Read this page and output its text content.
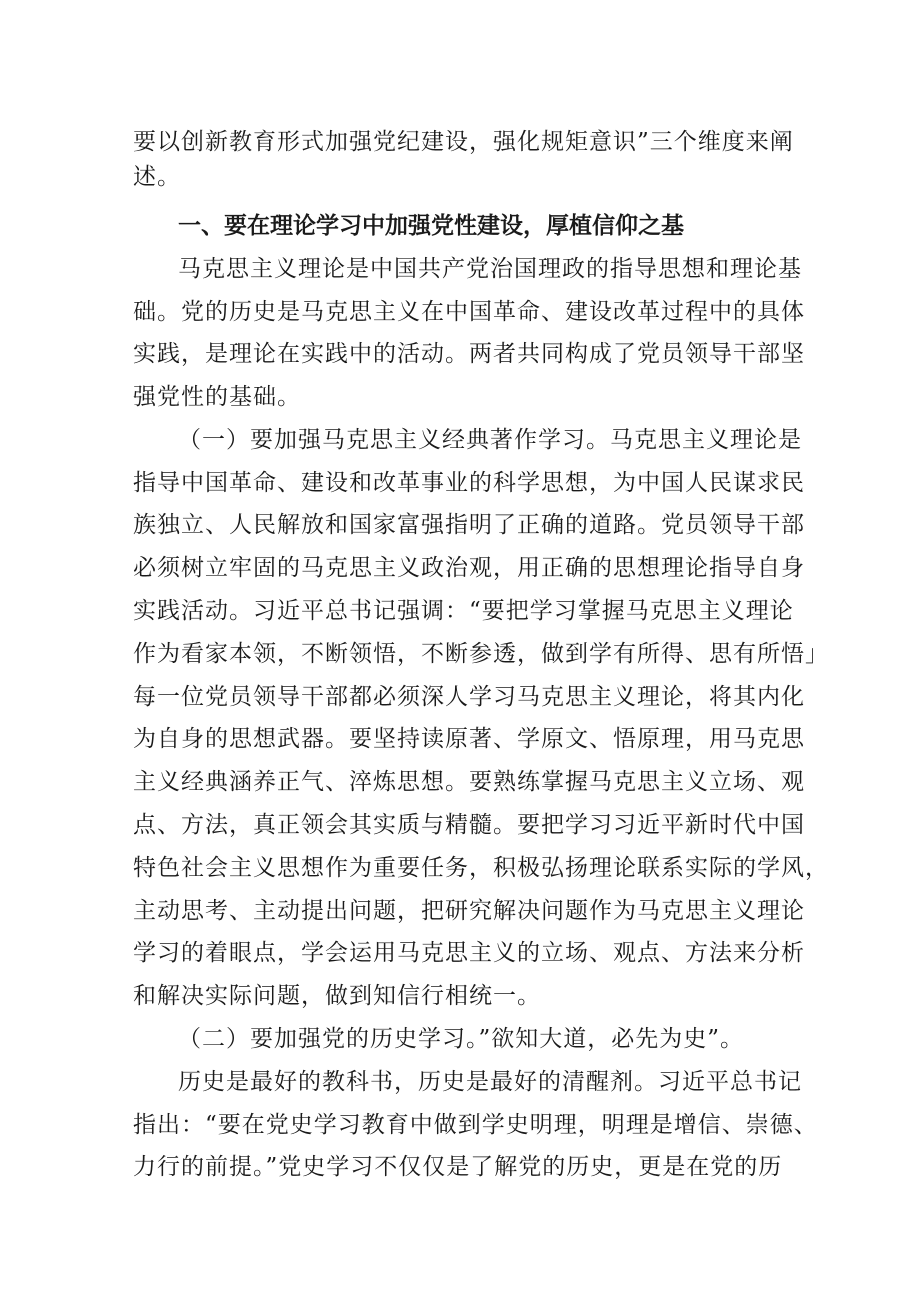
要以创新教育形式加强党纪建设，强化规矩意识”三个维度来阐
述。
一、要在理论学习中加强党性建设，厚植信仰之基
马克思主义理论是中国共产党治国理政的指导思想和理论基
础。党的历史是马克思主义在中国革命、建设改革过程中的具体
实践，是理论在实践中的活动。两者共同构成了党员领导干部坚
强党性的基础。
（一）要加强马克思主义经典著作学习。马克思主义理论是
指导中国革命、建设和改革事业的科学思想，为中国人民谋求民
族独立、人民解放和国家富强指明了正确的道路。党员领导干部
必须树立牢固的马克思主义政治观，用正确的思想理论指导自身
实践活动。习近平总书记强调：“要把学习掌握马克思主义理论
作为看家本领，不断领悟，不断参透，做到学有所得、思有所悟」
每一位党员领导干部都必须深人学习马克思主义理论，将其内化
为自身的思想武器。要坚持读原著、学原文、悟原理，用马克思
主义经典涵养正气、淬炼思想。要熟练掌握马克思主义立场、观
点、方法，真正领会其实质与精髓。要把学习习近平新时代中国
特色社会主义思想作为重要任务，积极弘扬理论联系实际的学风，
主动思考、主动提出问题，把研究解决问题作为马克思主义理论
学习的着眼点，学会运用马克思主义的立场、观点、方法来分析
和解决实际问题，做到知信行相统一。
（二）要加强党的历史学习。”欲知大道，必先为史”。
历史是最好的教科书，历史是最好的清醒剂。习近平总书记
指出：“要在党史学习教育中做到学史明理，明理是增信、崇德、
力行的前提。”党史学习不仅仅是了解党的历史，更是在党的历
